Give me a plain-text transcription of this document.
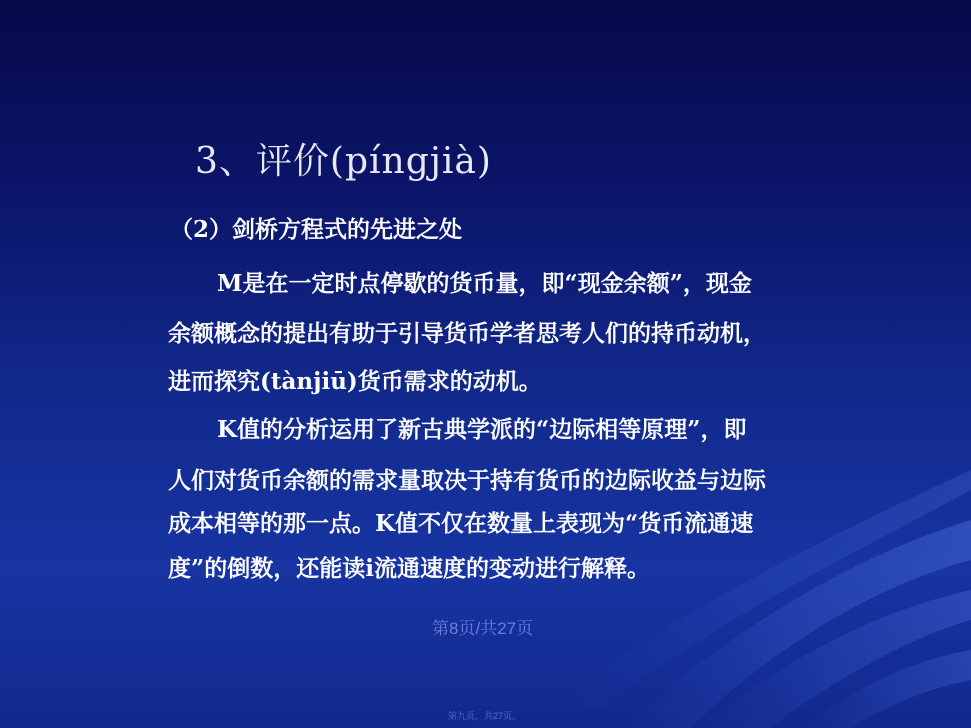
3、评价(píngjià)
（2）剑桥方程式的先进之处
M是在一定时点停歇的货币量，即“现金余额”，现金
余额概念的提出有助于引导货币学者思考人们的持币动机，
进而探究(tànjiū)货币需求的动机。
K值的分析运用了新古典学派的“边际相等原理”，即
人们对货币余额的需求量取决于持有货币的边际收益与边际
成本相等的那一点。K值不仅在数量上表现为“货币流通速
度”的倒数，还能读i流通速度的变动进行解释。
第8页/共27页
第九页，共27页。
